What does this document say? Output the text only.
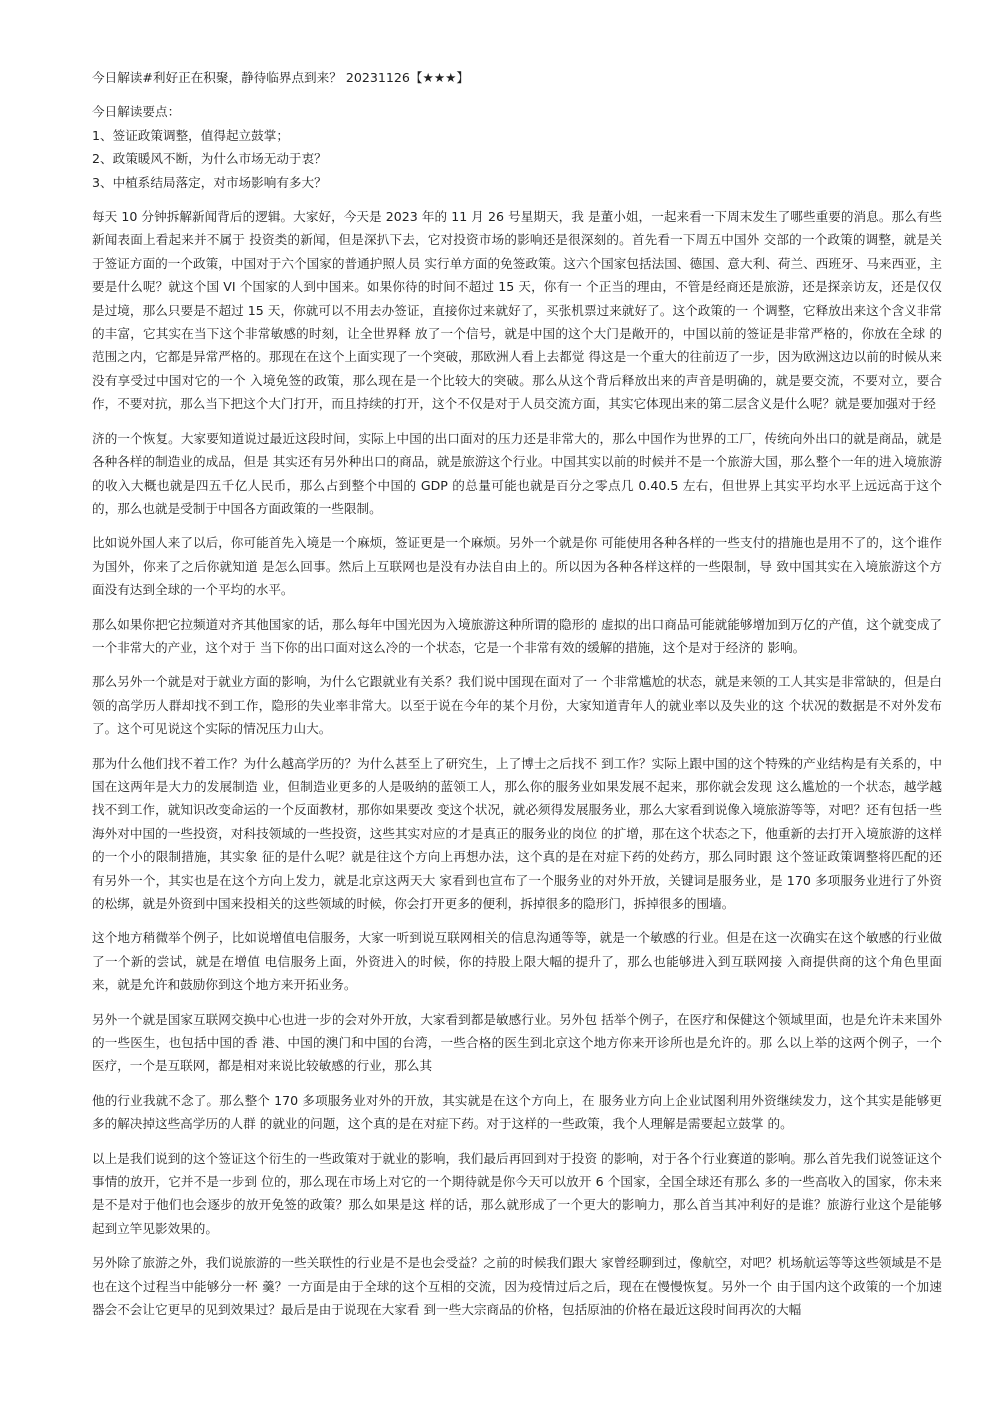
今日解读#利好正在积聚，静待临界点到来？ 20231126【★★★】
今日解读要点：
1、签证政策调整，值得起立鼓掌；
2、政策暖风不断，为什么市场无动于衷？
3、中植系结局落定，对市场影响有多大？

每天 10 分钟拆解新闻背后的逻辑。大家好，今天是 2023 年的 11 月 26 号星期天，我 是董小姐，一起来看一下周末发生了哪些重要的消息。那么有些新闻表面上看起来并不属于 投资类的新闻，但是深扒下去，它对投资市场的影响还是很深刻的。首先看一下周五中国外 交部的一个政策的调整，就是关于签证方面的一个政策，中国对于六个国家的普通护照人员 实行单方面的免签政策。这六个国家包括法国、德国、意大利、荷兰、西班牙、马来西亚，主要是什么呢？就这个国 VI 个国家的人到中国来。如果你待的时间不超过 15 天，你有一 个正当的理由，不管是经商还是旅游，还是探亲访友，还是仅仅是过境，那么只要是不超过 15 天，你就可以不用去办签证，直接你过来就好了，买张机票过来就好了。这个政策的一 个调整，它释放出来这个含义非常的丰富，它其实在当下这个非常敏感的时刻，让全世界释 放了一个信号，就是中国的这个大门是敞开的，中国以前的签证是非常严格的，你放在全球 的范围之内，它都是异常严格的。那现在在这个上面实现了一个突破，那欧洲人看上去都觉 得这是一个重大的往前迈了一步，因为欧洲这边以前的时候从来没有享受过中国对它的一个 入境免签的政策，那么现在是一个比较大的突破。那么从这个背后释放出来的声音是明确的，就是要交流，不要对立，要合作，不要对抗，那么当下把这个大门打开，而且持续的打开，这个不仅是对于人员交流方面，其实它体现出来的第二层含义是什么呢？就是要加强对于经

济的一个恢复。大家要知道说过最近这段时间，实际上中国的出口面对的压力还是非常大的，那么中国作为世界的工厂，传统向外出口的就是商品，就是各种各样的制造业的成品，但是 其实还有另外种出口的商品，就是旅游这个行业。中国其实以前的时候并不是一个旅游大国，那么整个一年的进入境旅游的收入大概也就是四五千亿人民币，那么占到整个中国的 GDP 的总量可能也就是百分之零点几 0.40.5 左右，但世界上其实平均水平上远远高于这个的，那么也就是受制于中国各方面政策的一些限制。

比如说外国人来了以后，你可能首先入境是一个麻烦，签证更是一个麻烦。另外一个就是你 可能使用各种各样的一些支付的措施也是用不了的，这个谁作为国外，你来了之后你就知道 是怎么回事。然后上互联网也是没有办法自由上的。所以因为各种各样这样的一些限制，导 致中国其实在入境旅游这个方面没有达到全球的一个平均的水平。

那么如果你把它拉频道对齐其他国家的话，那么每年中国光因为入境旅游这种所谓的隐形的 虚拟的出口商品可能就能够增加到万亿的产值，这个就变成了一个非常大的产业，这个对于 当下你的出口面对这么冷的一个状态，它是一个非常有效的缓解的措施，这个是对于经济的 影响。

那么另外一个就是对于就业方面的影响，为什么它跟就业有关系？我们说中国现在面对了一 个非常尴尬的状态，就是来领的工人其实是非常缺的，但是白领的高学历人群却找不到工作，隐形的失业率非常大。以至于说在今年的某个月份，大家知道青年人的就业率以及失业的这 个状况的数据是不对外发布了。这个可见说这个实际的情况压力山大。

那为什么他们找不着工作？为什么越高学历的？为什么甚至上了研究生，上了博士之后找不 到工作？实际上跟中国的这个特殊的产业结构是有关系的，中国在这两年是大力的发展制造 业，但制造业更多的人是吸纳的蓝领工人，那么你的服务业如果发展不起来，那你就会发现 这么尴尬的一个状态，越学越找不到工作，就知识改变命运的一个反面教材，那你如果要改 变这个状况，就必须得发展服务业，那么大家看到说像入境旅游等等，对吧？还有包括一些 海外对中国的一些投资，对科技领域的一些投资，这些其实对应的才是真正的服务业的岗位 的扩增，那在这个状态之下，他重新的去打开入境旅游的这样的一个小的限制措施，其实象 征的是什么呢？就是往这个方向上再想办法，这个真的是在对症下药的处药方，那么同时跟 这个签证政策调整将匹配的还有另外一个，其实也是在这个方向上发力，就是北京这两天大 家看到也宣布了一个服务业的对外开放，关键词是服务业，是 170 多项服务业进行了外资 的松绑，就是外资到中国来投相关的这些领域的时候，你会打开更多的便利，拆掉很多的隐形门，拆掉很多的围墙。

这个地方稍微举个例子，比如说增值电信服务，大家一听到说互联网相关的信息沟通等等，就是一个敏感的行业。但是在这一次确实在这个敏感的行业做了一个新的尝试，就是在增值 电信服务上面，外资进入的时候，你的持股上限大幅的提升了，那么也能够进入到互联网接 入商提供商的这个角色里面来，就是允许和鼓励你到这个地方来开拓业务。

另外一个就是国家互联网交换中心也进一步的会对外开放，大家看到都是敏感行业。另外包 括举个例子，在医疗和保健这个领域里面，也是允许未来国外的一些医生，也包括中国的香 港、中国的澳门和中国的台湾，一些合格的医生到北京这个地方你来开诊所也是允许的。那 么以上举的这两个例子，一个医疗，一个是互联网，都是相对来说比较敏感的行业，那么其

他的行业我就不念了。那么整个 170 多项服务业对外的开放，其实就是在这个方向上，在 服务业方向上企业试图利用外资继续发力，这个其实是能够更多的解决掉这些高学历的人群 的就业的问题，这个真的是在对症下药。对于这样的一些政策，我个人理解是需要起立鼓掌 的。

以上是我们说到的这个签证这个衍生的一些政策对于就业的影响，我们最后再回到对于投资 的影响，对于各个行业赛道的影响。那么首先我们说签证这个事情的放开，它并不是一步到 位的，那么现在市场上对它的一个期待就是你今天可以放开 6 个国家，全国全球还有那么 多的一些高收入的国家，你未来是不是对于他们也会逐步的放开免签的政策？那么如果是这 样的话，那么就形成了一个更大的影响力，那么首当其冲利好的是谁？旅游行业这个是能够 起到立竿见影效果的。

另外除了旅游之外，我们说旅游的一些关联性的行业是不是也会受益？之前的时候我们跟大 家曾经聊到过，像航空，对吧？机场航运等等这些领域是不是也在这个过程当中能够分一杯 羹？一方面是由于全球的这个互相的交流，因为疫情过后之后，现在在慢慢恢复。另外一个 由于国内这个政策的一个加速器会不会让它更早的见到效果过？最后是由于说现在大家看 到一些大宗商品的价格，包括原油的价格在最近这段时间再次的大幅
